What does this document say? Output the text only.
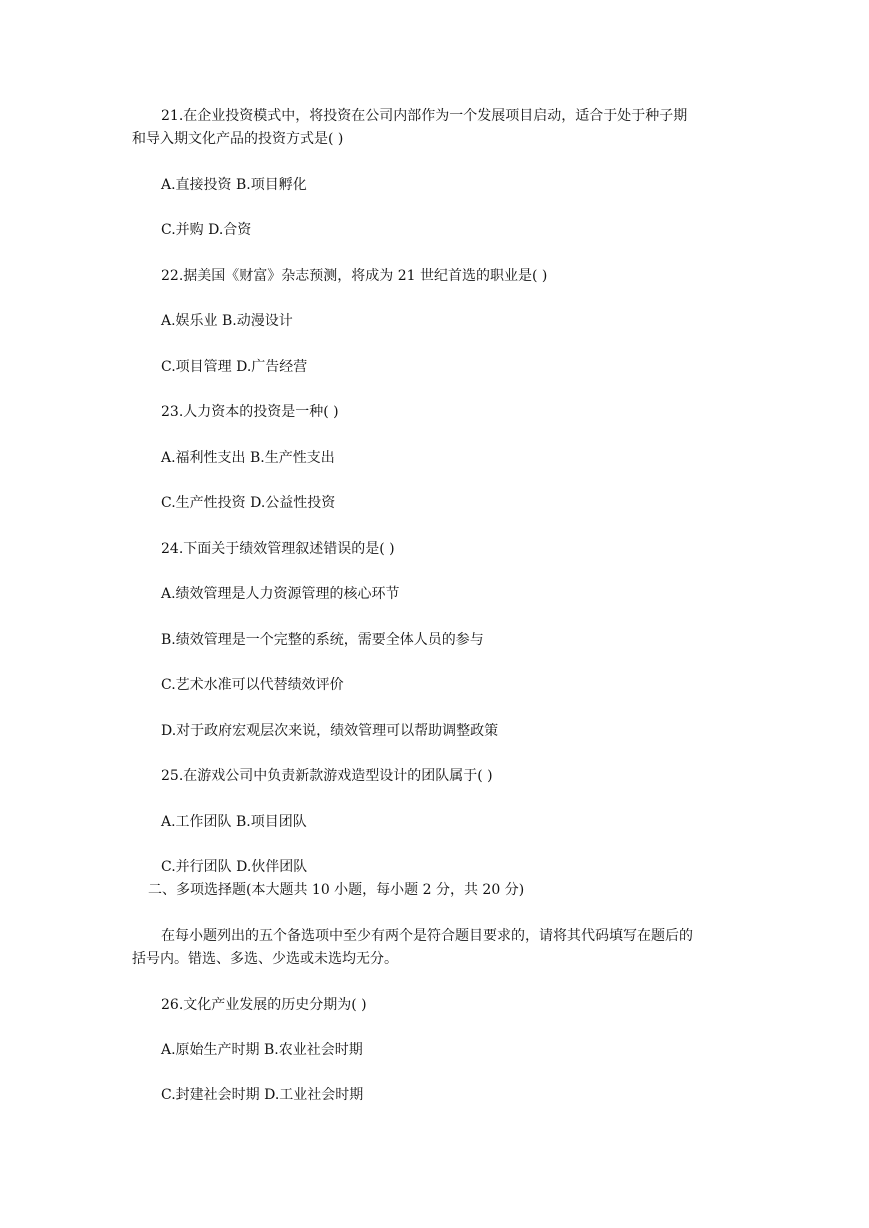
21.在企业投资模式中，将投资在公司内部作为一个发展项目启动，适合于处于种子期
和导入期文化产品的投资方式是( )
A.直接投资 B.项目孵化
C.并购 D.合资
22.据美国《财富》杂志预测，将成为 21 世纪首选的职业是( )
A.娱乐业 B.动漫设计
C.项目管理 D.广告经营
23.人力资本的投资是一种( )
A.福利性支出 B.生产性支出
C.生产性投资 D.公益性投资
24.下面关于绩效管理叙述错误的是( )
A.绩效管理是人力资源管理的核心环节
B.绩效管理是一个完整的系统，需要全体人员的参与
C.艺术水准可以代替绩效评价
D.对于政府宏观层次来说，绩效管理可以帮助调整政策
25.在游戏公司中负责新款游戏造型设计的团队属于( )
A.工作团队 B.项目团队
C.并行团队 D.伙伴团队
二、多项选择题(本大题共 10 小题，每小题 2 分，共 20 分)
在每小题列出的五个备选项中至少有两个是符合题目要求的，请将其代码填写在题后的
括号内。错选、多选、少选或未选均无分。
26.文化产业发展的历史分期为( )
A.原始生产时期 B.农业社会时期
C.封建社会时期 D.工业社会时期
